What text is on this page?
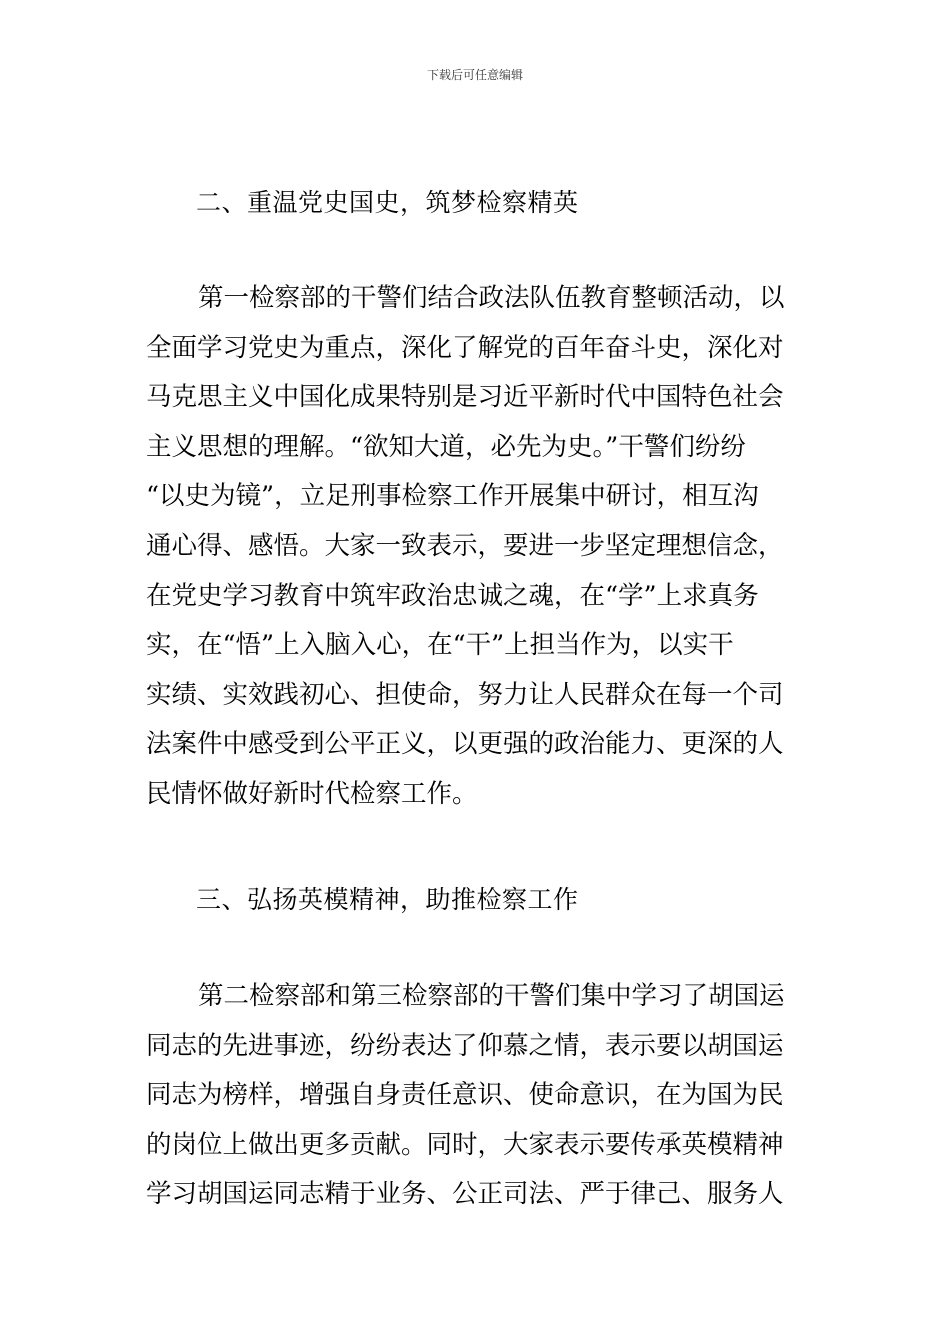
下载后可任意编辑
二、重温党史国史，筑梦检察精英
第一检察部的干警们结合政法队伍教育整顿活动，以
全面学习党史为重点，深化了解党的百年奋斗史，深化对
马克思主义中国化成果特别是习近平新时代中国特色社会
主义思想的理解。“欲知大道，必先为史。”干警们纷纷
“以史为镜”，立足刑事检察工作开展集中研讨，相互沟
通心得、感悟。大家一致表示，要进一步坚定理想信念，
在党史学习教育中筑牢政治忠诚之魂，在“学”上求真务
实，在“悟”上入脑入心，在“干”上担当作为，以实干
实绩、实效践初心、担使命，努力让人民群众在每一个司
法案件中感受到公平正义，以更强的政治能力、更深的人
民情怀做好新时代检察工作。
三、弘扬英模精神，助推检察工作
第二检察部和第三检察部的干警们集中学习了胡国运
同志的先进事迹，纷纷表达了仰慕之情，表示要以胡国运
同志为榜样，增强自身责任意识、使命意识，在为国为民
的岗位上做出更多贡献。同时，大家表示要传承英模精神
学习胡国运同志精于业务、公正司法、严于律己、服务人
